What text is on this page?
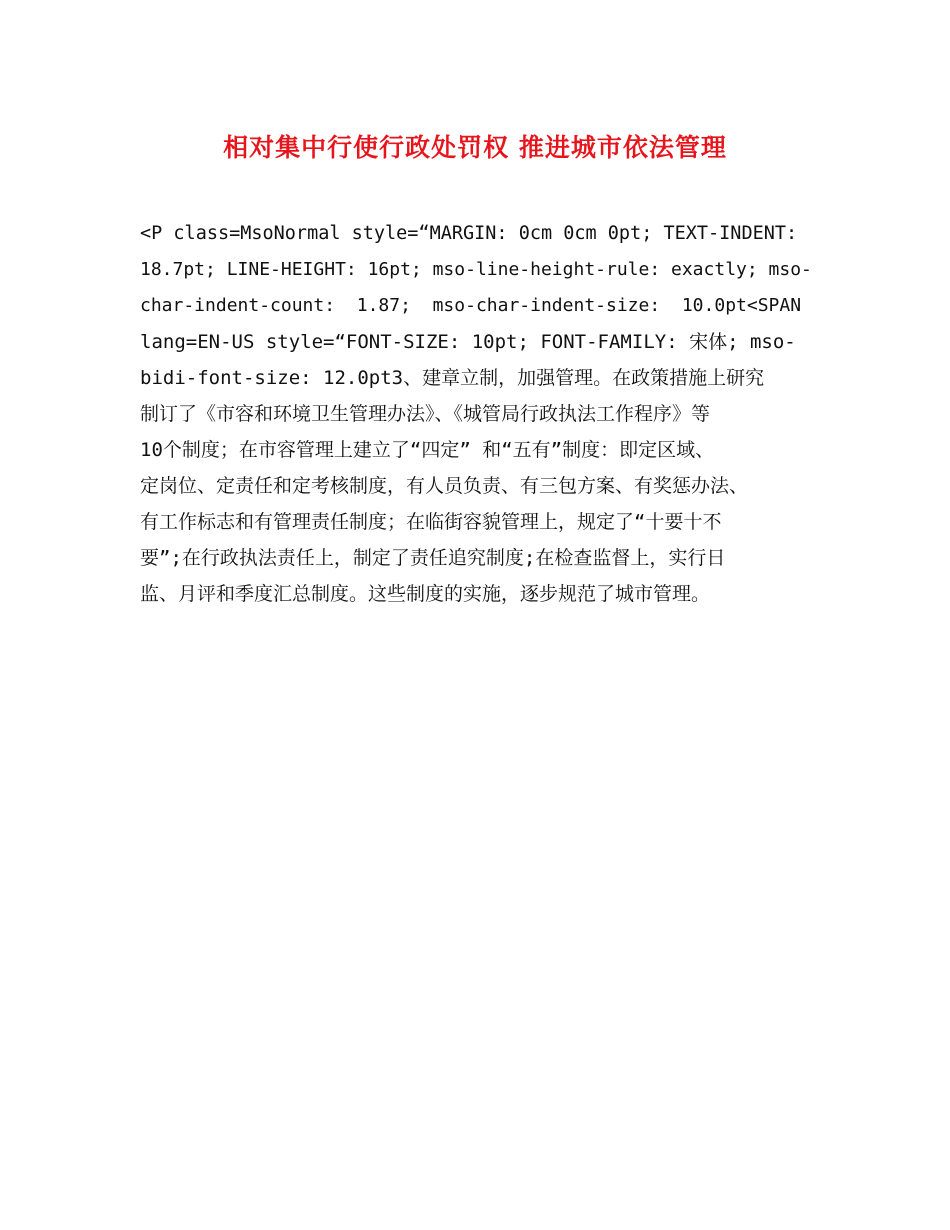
相对集中行使行政处罚权 推进城市依法管理
<P class=MsoNormal style=“MARGIN: 0cm 0cm 0pt; TEXT-INDENT:
18.7pt; LINE-HEIGHT: 16pt; mso-line-height-rule: exactly; mso-
char-indent-count:  1.87;  mso-char-indent-size:  10.0pt<SPAN
lang=EN-US style=“FONT-SIZE: 10pt; FONT-FAMILY: 宋体; mso-
bidi-font-size: 12.0pt3、建章立制，加强管理。在政策措施上研究
制订了《市容和环境卫生管理办法》、《城管局行政执法工作程序》等
10个制度；在市容管理上建立了“四定” 和“五有”制度：即定区域、
定岗位、定责任和定考核制度，有人员负责、有三包方案、有奖惩办法、
有工作标志和有管理责任制度；在临街容貌管理上，规定了“十要十不
要”;在行政执法责任上，制定了责任追究制度;在检查监督上，实行日
监、月评和季度汇总制度。这些制度的实施，逐步规范了城市管理。
